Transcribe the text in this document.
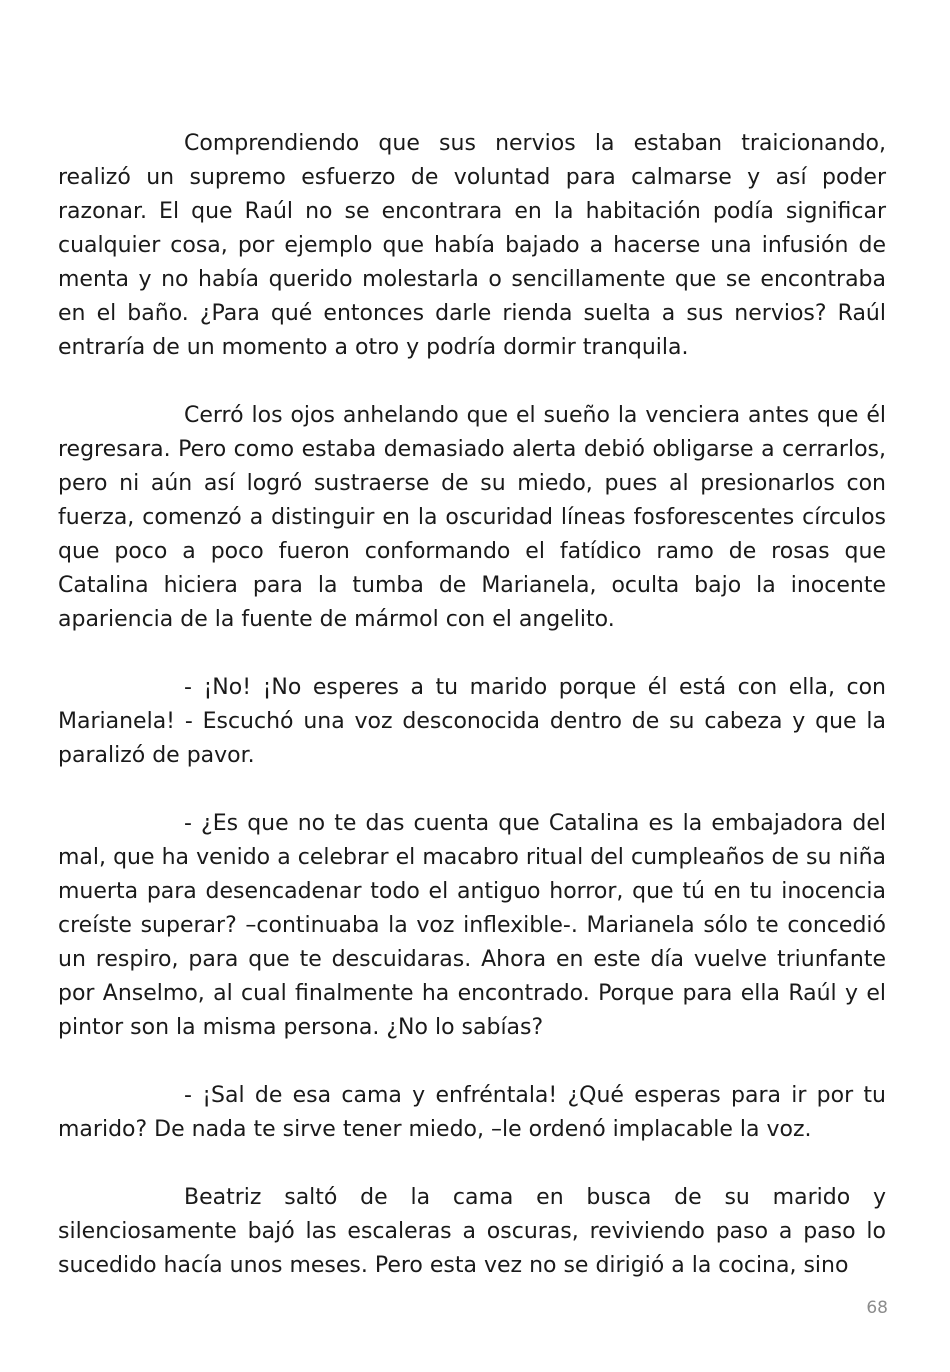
Comprendiendo que sus nervios la estaban traicionando, realizó un supremo esfuerzo de voluntad para calmarse y así poder razonar. El que Raúl no se encontrara en la habitación podía significar cualquier cosa, por ejemplo que había bajado a hacerse una infusión de menta y no había querido molestarla o sencillamente que se encontraba en el baño. ¿Para qué entonces darle rienda suelta a sus nervios? Raúl entraría de un momento a otro y podría dormir tranquila.

Cerró los ojos anhelando que el sueño la venciera antes que él regresara. Pero como estaba demasiado alerta debió obligarse a cerrarlos, pero ni aún así logró sustraerse de su miedo, pues al presionarlos con fuerza, comenzó a distinguir en la oscuridad líneas fosforescentes círculos que poco a poco fueron conformando el fatídico ramo de rosas que Catalina hiciera para la tumba de Marianela, oculta bajo la inocente apariencia de la fuente de mármol con el angelito.

- ¡No! ¡No esperes a tu marido porque él está con ella, con Marianela! - Escuchó una voz desconocida dentro de su cabeza y que la paralizó de pavor.

- ¿Es que no te das cuenta que Catalina es la embajadora del mal, que ha venido a celebrar el macabro ritual del cumpleaños de su niña muerta para desencadenar todo el antiguo horror, que tú en tu inocencia creíste superar? –continuaba la voz inflexible-. Marianela sólo te concedió un respiro, para que te descuidaras. Ahora en este día vuelve triunfante por Anselmo, al cual finalmente ha encontrado. Porque para ella Raúl y el pintor son la misma persona. ¿No lo sabías?

- ¡Sal de esa cama y enfréntala! ¿Qué esperas para ir por tu marido? De nada te sirve tener miedo, –le ordenó implacable la voz.

Beatriz saltó de la cama en busca de su marido y silenciosamente bajó las escaleras a oscuras, reviviendo paso a paso lo sucedido hacía unos meses. Pero esta vez no se dirigió a la cocina, sino

68
